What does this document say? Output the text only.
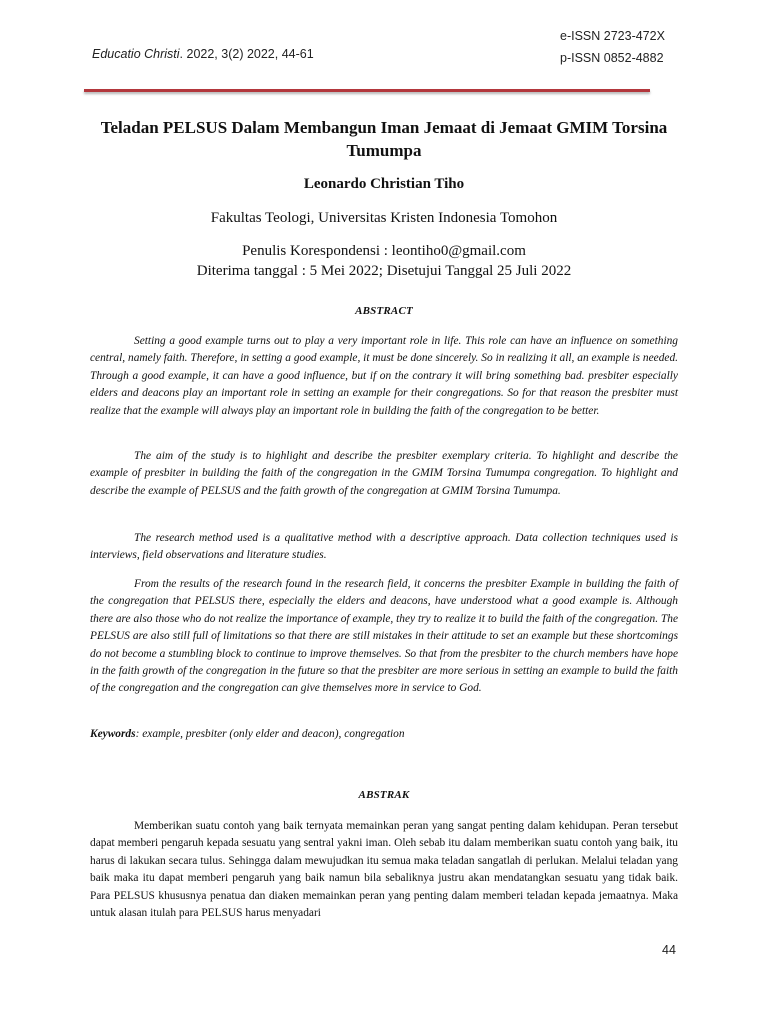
Educatio Christi. 2022, 3(2) 2022, 44-61
e-ISSN 2723-472X
p-ISSN 0852-4882
Teladan PELSUS Dalam Membangun Iman Jemaat di Jemaat GMIM Torsina Tumumpa
Leonardo Christian Tiho
Fakultas Teologi, Universitas Kristen Indonesia Tomohon
Penulis Korespondensi : leontiho0@gmail.com
Diterima tanggal : 5 Mei 2022; Disetujui Tanggal 25 Juli 2022
ABSTRACT

Setting a good example turns out to play a very important role in life. This role can have an influence on something central, namely faith. Therefore, in setting a good example, it must be done sincerely. So in realizing it all, an example is needed. Through a good example, it can have a good influence, but if on the contrary it will bring something bad. presbiter especially elders and deacons play an important role in setting an example for their congregations. So for that reason the presbiter must realize that the example will always play an important role in building the faith of the congregation to be better.

The aim of the study is to highlight and describe the presbiter exemplary criteria. To highlight and describe the example of presbiter in building the faith of the congregation in the GMIM Torsina Tumumpa congregation. To highlight and describe the example of PELSUS and the faith growth of the congregation at GMIM Torsina Tumumpa.

The research method used is a qualitative method with a descriptive approach. Data collection techniques used is interviews, field observations and literature studies.

From the results of the research found in the research field, it concerns the presbiter Example in building the faith of the congregation that PELSUS there, especially the elders and deacons, have understood what a good example is. Although there are also those who do not realize the importance of example, they try to realize it to build the faith of the congregation. The PELSUS are also still full of limitations so that there are still mistakes in their attitude to set an example but these shortcomings do not become a stumbling block to continue to improve themselves. So that from the presbiter to the church members have hope in the faith growth of the congregation in the future so that the presbiter are more serious in setting an example to build the faith of the congregation and the congregation can give themselves more in service to God.

Keywords: example, presbiter (only elder and deacon), congregation
ABSTRAK

Memberikan suatu contoh yang baik ternyata memainkan peran yang sangat penting dalam kehidupan. Peran tersebut dapat memberi pengaruh kepada sesuatu yang sentral yakni iman. Oleh sebab itu dalam memberikan suatu contoh yang baik, itu harus di lakukan secara tulus. Sehingga dalam mewujudkan itu semua maka teladan sangatlah di perlukan. Melalui teladan yang baik maka itu dapat memberi pengaruh yang baik namun bila sebaliknya justru akan mendatangkan sesuatu yang tidak baik. Para PELSUS khususnya penatua dan diaken memainkan peran yang penting dalam memberi teladan kepada jemaatnya. Maka untuk alasan itulah para PELSUS harus menyadari

44
